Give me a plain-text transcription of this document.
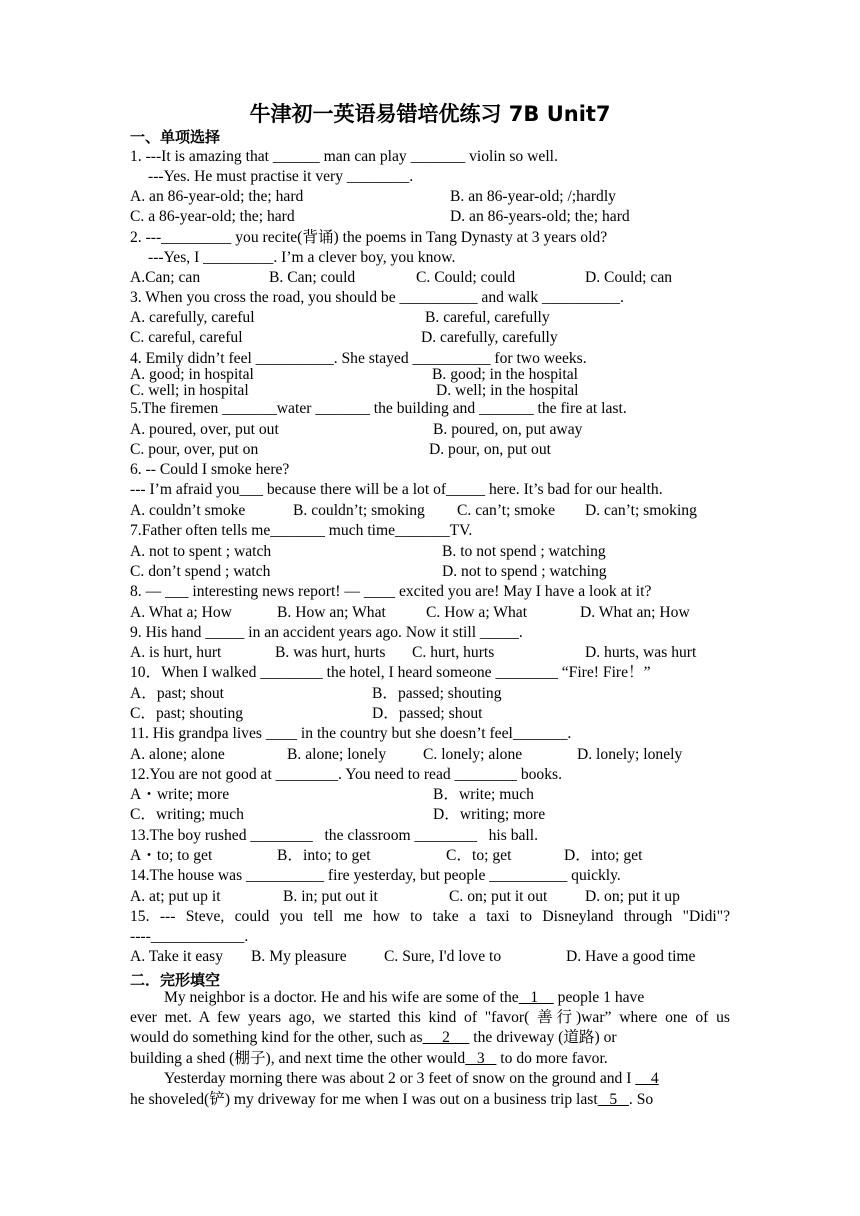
牛津初一英语易错培优练习 7B Unit7
一、单项选择
1. ---It is amazing that ______ man can play _______ violin so well.
---Yes. He must practise it very ________.
A. an 86-year-old; the; hard	B. an 86-year-old; /;hardly
C. a 86-year-old; the; hard	D. an 86-years-old; the; hard
2. ---_________ you recite(背诵) the poems in Tang Dynasty at 3 years old?
---Yes, I _________. I’m a clever boy, you know.
A.Can; can	B. Can; could	C. Could; could	D. Could; can
3. When you cross the road, you should be __________ and walk __________.
A. carefully, careful	B. careful, carefully
C. careful, careful	D. carefully, carefully
4. Emily didn’t feel __________. She stayed __________ for two weeks.
A. good; in hospital	B. good; in the hospital
C. well; in hospital	D. well; in the hospital
5.The firemen _______water _______ the building and _______ the fire at last.
A. poured, over, put out	B. poured, on, put away
C. pour, over, put on	D. pour, on, put out
6. -- Could I smoke here?
--- I’m afraid you___ because there will be a lot of_____ here. It’s bad for our health.
A. couldn’t smoke	B. couldn’t; smoking C. can’t; smoke D. can’t; smoking
7.Father often tells me_______ much time_______TV.
A. not to spent ; watch	B. to not spend ; watching
C. don’t spend ; watch	D. not to spend ; watching
8. — ___ interesting news report! — ____ excited you are! May I have a look at it?
A. What a; How	B. How an; What	C. How a; What	D. What an; How
9. His hand _____ in an accident years ago. Now it still _____.
A. is hurt, hurt	B. was hurt, hurts C. hurt, hurts	D. hurts, was hurt
10．When I walked ________ the hotel, I heard someone ________ “Fire! Fire！”
A．past; shout	B．passed; shouting
C．past; shouting	D．passed; shout
11. His grandpa lives ____ in the country but she doesn’t feel_______.
A. alone; alone	B. alone; lonely C. lonely; alone	D. lonely; lonely
12.You are not good at ________. You need to read ________ books.
A・write; more	B．write; much
C．writing; much	D．writing; more
13.The boy rushed ________   the classroom ________   his ball.
A・to; to get	B．into; to get	C．to; get	D．into; get
14.The house was __________ fire yesterday, but people __________ quickly.
A. at; put up it	B. in; put out it	C. on; put it out D. on; put it up
15. --- Steve, could you tell me how to take a taxi to Disneyland through "Didi"?
----____________.
A. Take it easy B. My pleasure C. Sure, I'd love to	D. Have a good time
二．完形填空
My neighbor is a doctor. He and his wife are some of the   1     people 1 have
ever met. A few years ago, we started this kind of "favor( 善行)war” where one of us
would do something kind for the other, such as     2      the driveway (道路) or
building a shed (棚子), and next time the other would   3    to do more favor.
Yesterday morning there was about 2 or 3 feet of snow on the ground and I     4
he shoveled(铲) my driveway for me when I was out on a business trip last   5   . So
